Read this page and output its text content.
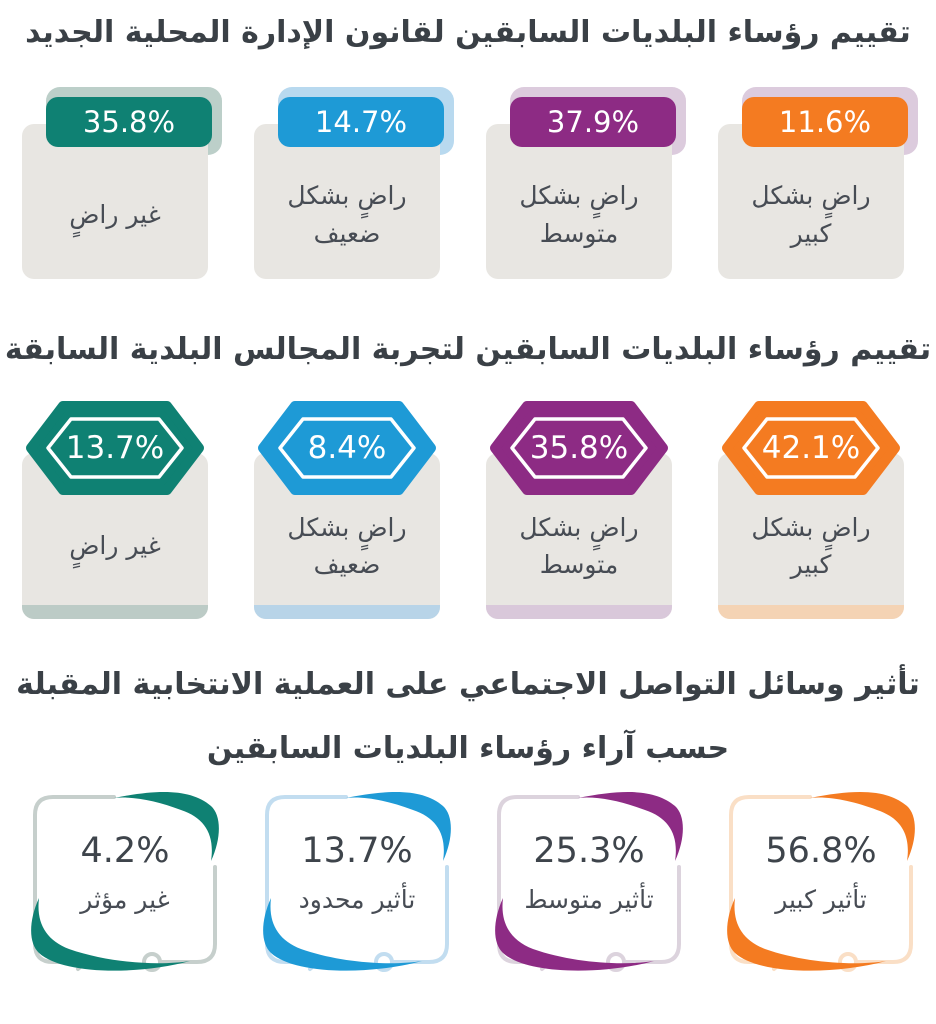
تقييم رؤساء البلديات السابقين لقانون الإدارة المحلية الجديد
غير راضٍ
35.8%
راضٍ بشكل
ضعيف
14.7%
راضٍ بشكل
متوسط
37.9%
راضٍ بشكل
كبير
11.6%
تقييم رؤساء البلديات السابقين لتجربة المجالس البلدية السابقة
غير راضٍ
13.7%
راضٍ بشكل
ضعيف
8.4%
راضٍ بشكل
متوسط
35.8%
راضٍ بشكل
كبير
42.1%
تأثير وسائل التواصل الاجتماعي على العملية الانتخابية المقبلة
حسب آراء رؤساء البلديات السابقين
4.2%
غير مؤثر
13.7%
تأثير محدود
25.3%
تأثير متوسط
56.8%
تأثير كبير
